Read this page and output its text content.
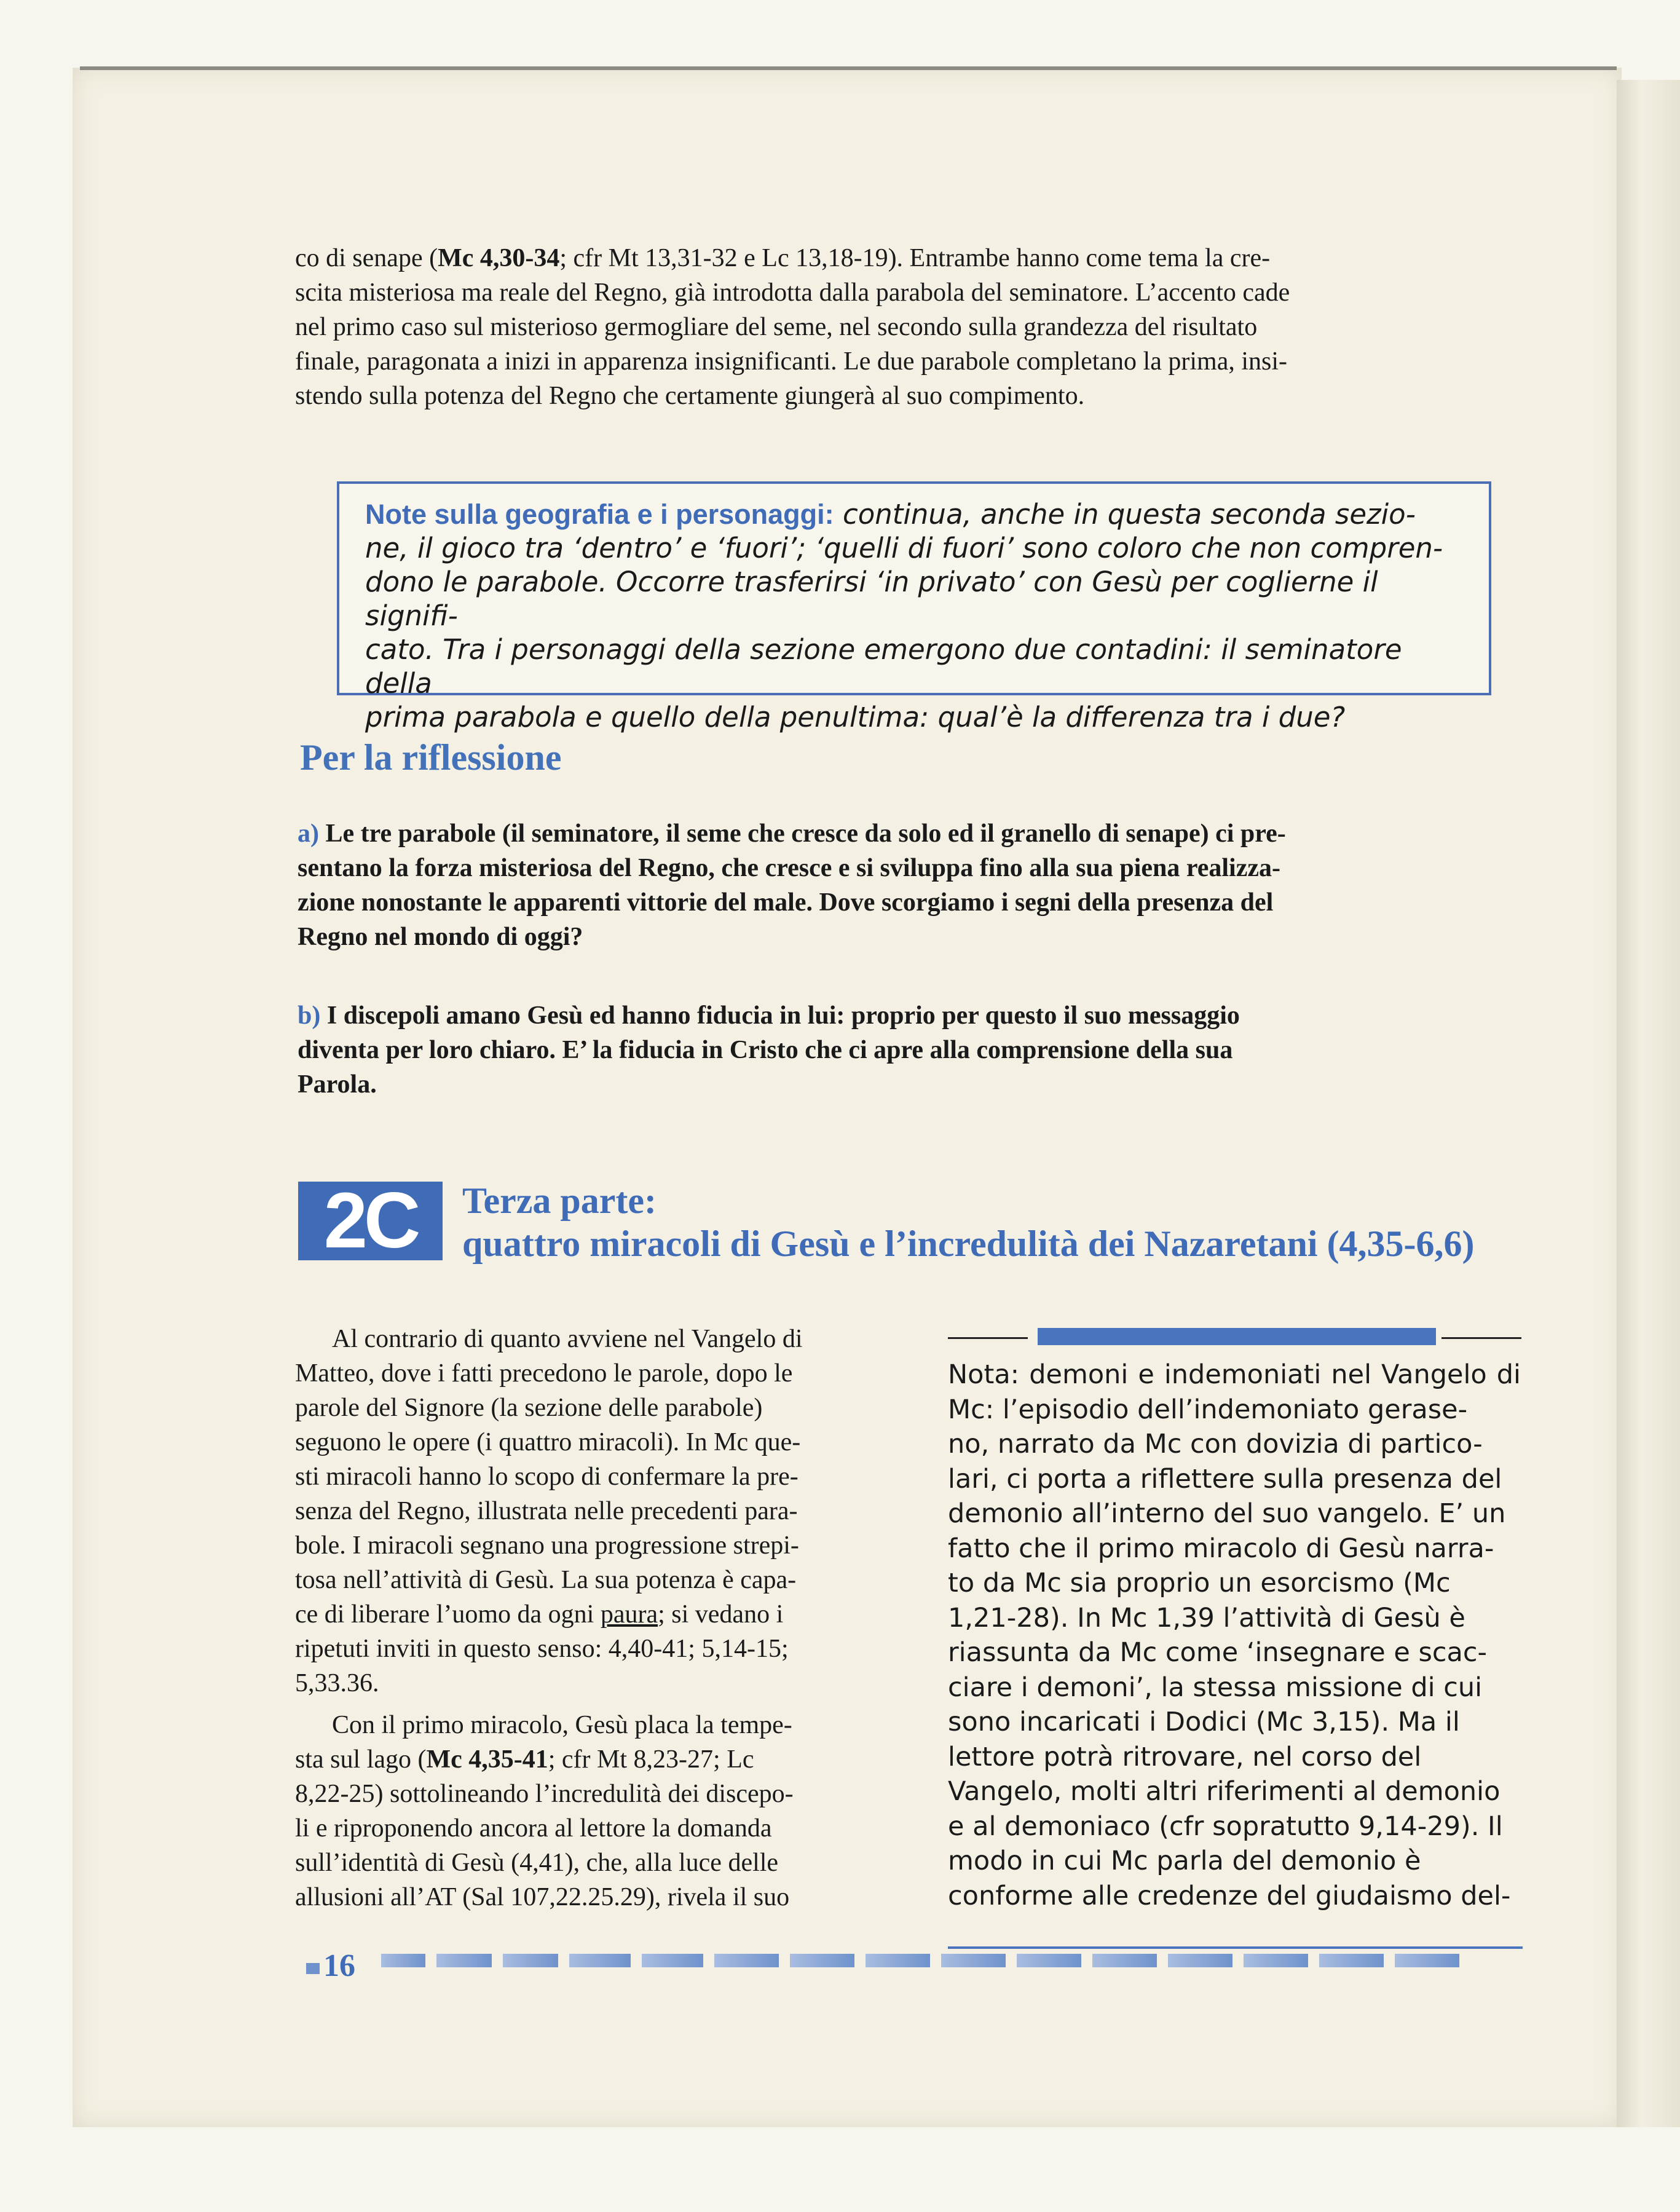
co di senape (Mc 4,30-34; cfr Mt 13,31-32 e Lc 13,18-19). Entrambe hanno come tema la cre-
scita misteriosa ma reale del Regno, già introdotta dalla parabola del seminatore. L’accento cade
nel primo caso sul misterioso germogliare del seme, nel secondo sulla grandezza del risultato
finale, paragonata a inizi in apparenza insignificanti. Le due parabole completano la prima, insi-
stendo sulla potenza del Regno che certamente giungerà al suo compimento.
Note sulla geografia e i personaggi: continua, anche in questa seconda sezio-
ne, il gioco tra ‘dentro’ e ‘fuori’; ‘quelli di fuori’ sono coloro che non compren-
dono le parabole. Occorre trasferirsi ‘in privato’ con Gesù per coglierne il signifi-
cato. Tra i personaggi della sezione emergono due contadini: il seminatore della
prima parabola e quello della penultima: qual’è la differenza tra i due?
Per la riflessione
a) Le tre parabole (il seminatore, il seme che cresce da solo ed il granello di senape) ci pre-
sentano la forza misteriosa del Regno, che cresce e si sviluppa fino alla sua piena realizza-
zione nonostante le apparenti vittorie del male. Dove scorgiamo i segni della presenza del
Regno nel mondo di oggi?
b) I discepoli amano Gesù ed hanno fiducia in lui: proprio per questo il suo messaggio
diventa per loro chiaro. E’ la fiducia in Cristo che ci apre alla comprensione della sua
Parola.
2C	Terza parte:
quattro miracoli di Gesù e l’incredulità dei Nazaretani (4,35-6,6)

Al contrario di quanto avviene nel Vangelo di
Matteo, dove i fatti precedono le parole, dopo le
parole del Signore (la sezione delle parabole)
seguono le opere (i quattro miracoli). In Mc que-
sti miracoli hanno lo scopo di confermare la pre-
senza del Regno, illustrata nelle precedenti para-
bole. I miracoli segnano una progressione strepi-
tosa nell’attività di Gesù. La sua potenza è capa-
ce di liberare l’uomo da ogni paura; si vedano i
ripetuti inviti in questo senso: 4,40-41; 5,14-15;
5,33.36.

Con il primo miracolo, Gesù placa la tempe-
sta sul lago (Mc 4,35-41; cfr Mt 8,23-27; Lc
8,22-25) sottolineando l’incredulità dei discepo-
li e riproponendo ancora al lettore la domanda
sull’identità di Gesù (4,41), che, alla luce delle
allusioni all’AT (Sal 107,22.25.29), rivela il suo

Nota: demoni e indemoniati nel Vangelo di Mc: l’episodio dell’indemoniato gerase-
no, narrato da Mc con dovizia di partico-
lari, ci porta a riflettere sulla presenza del
demonio all’interno del suo vangelo. E’ un
fatto che il primo miracolo di Gesù narra-
to da Mc sia proprio un esorcismo (Mc
1,21-28). In Mc 1,39 l’attività di Gesù è
riassunta da Mc come ‘insegnare e scac-
ciare i demoni’, la stessa missione di cui
sono incaricati i Dodici (Mc 3,15). Ma il
lettore potrà ritrovare, nel corso del
Vangelo, molti altri riferimenti al demonio
e al demoniaco (cfr sopratutto 9,14-29). Il
modo in cui Mc parla del demonio è
conforme alle credenze del giudaismo del-
16
